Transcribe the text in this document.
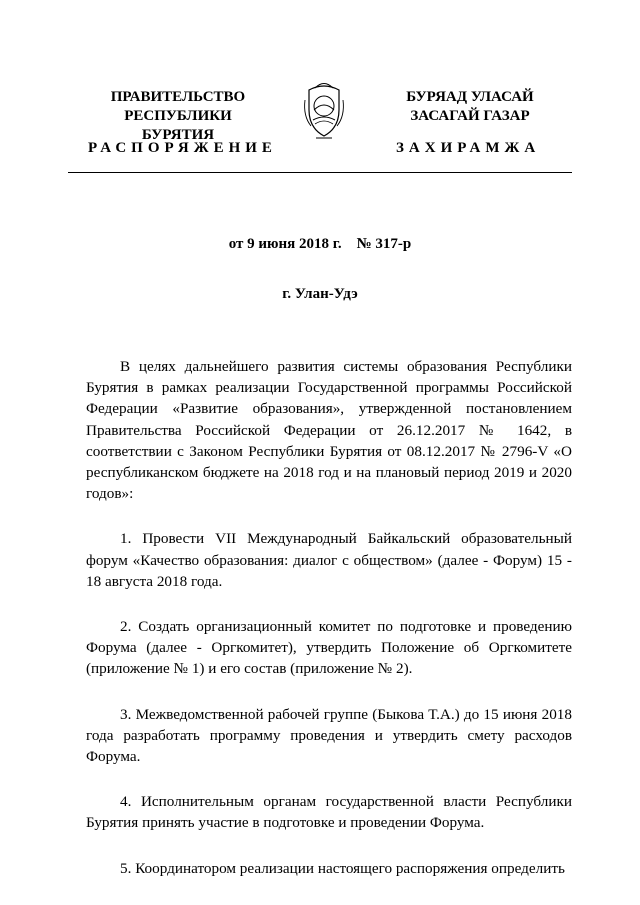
ПРАВИТЕЛЬСТВО
РЕСПУБЛИКИ БУРЯТИЯ
БУРЯАД УЛАСАЙ
ЗАСАГАЙ ГАЗАР
РАСПОРЯЖЕНИЕ	ЗАХИРАМЖА
от 9 июня 2018 г. № 317-р
г. Улан-Удэ

В целях дальнейшего развития системы образования Республики Бурятия в рамках реализации Государственной программы Российской Федерации «Развитие образования», утвержденной постановлением Правительства Российской Федерации от 26.12.2017 № 1642, в соответствии с Законом Республики Бурятия от 08.12.2017 № 2796-V «О республиканском бюджете на 2018 год и на плановый период 2019 и 2020 годов»:

1. Провести VII Международный Байкальский образовательный форум «Качество образования: диалог с обществом» (далее - Форум) 15 - 18 августа 2018 года.

2. Создать организационный комитет по подготовке и проведению Форума (далее - Оргкомитет), утвердить Положение об Оргкомитете (приложение № 1) и его состав (приложение № 2).

3. Межведомственной рабочей группе (Быкова Т.А.) до 15 июня 2018 года разработать программу проведения и утвердить смету расходов Форума.

4. Исполнительным органам государственной власти Республики Бурятия принять участие в подготовке и проведении Форума.

5. Координатором реализации настоящего распоряжения определить
